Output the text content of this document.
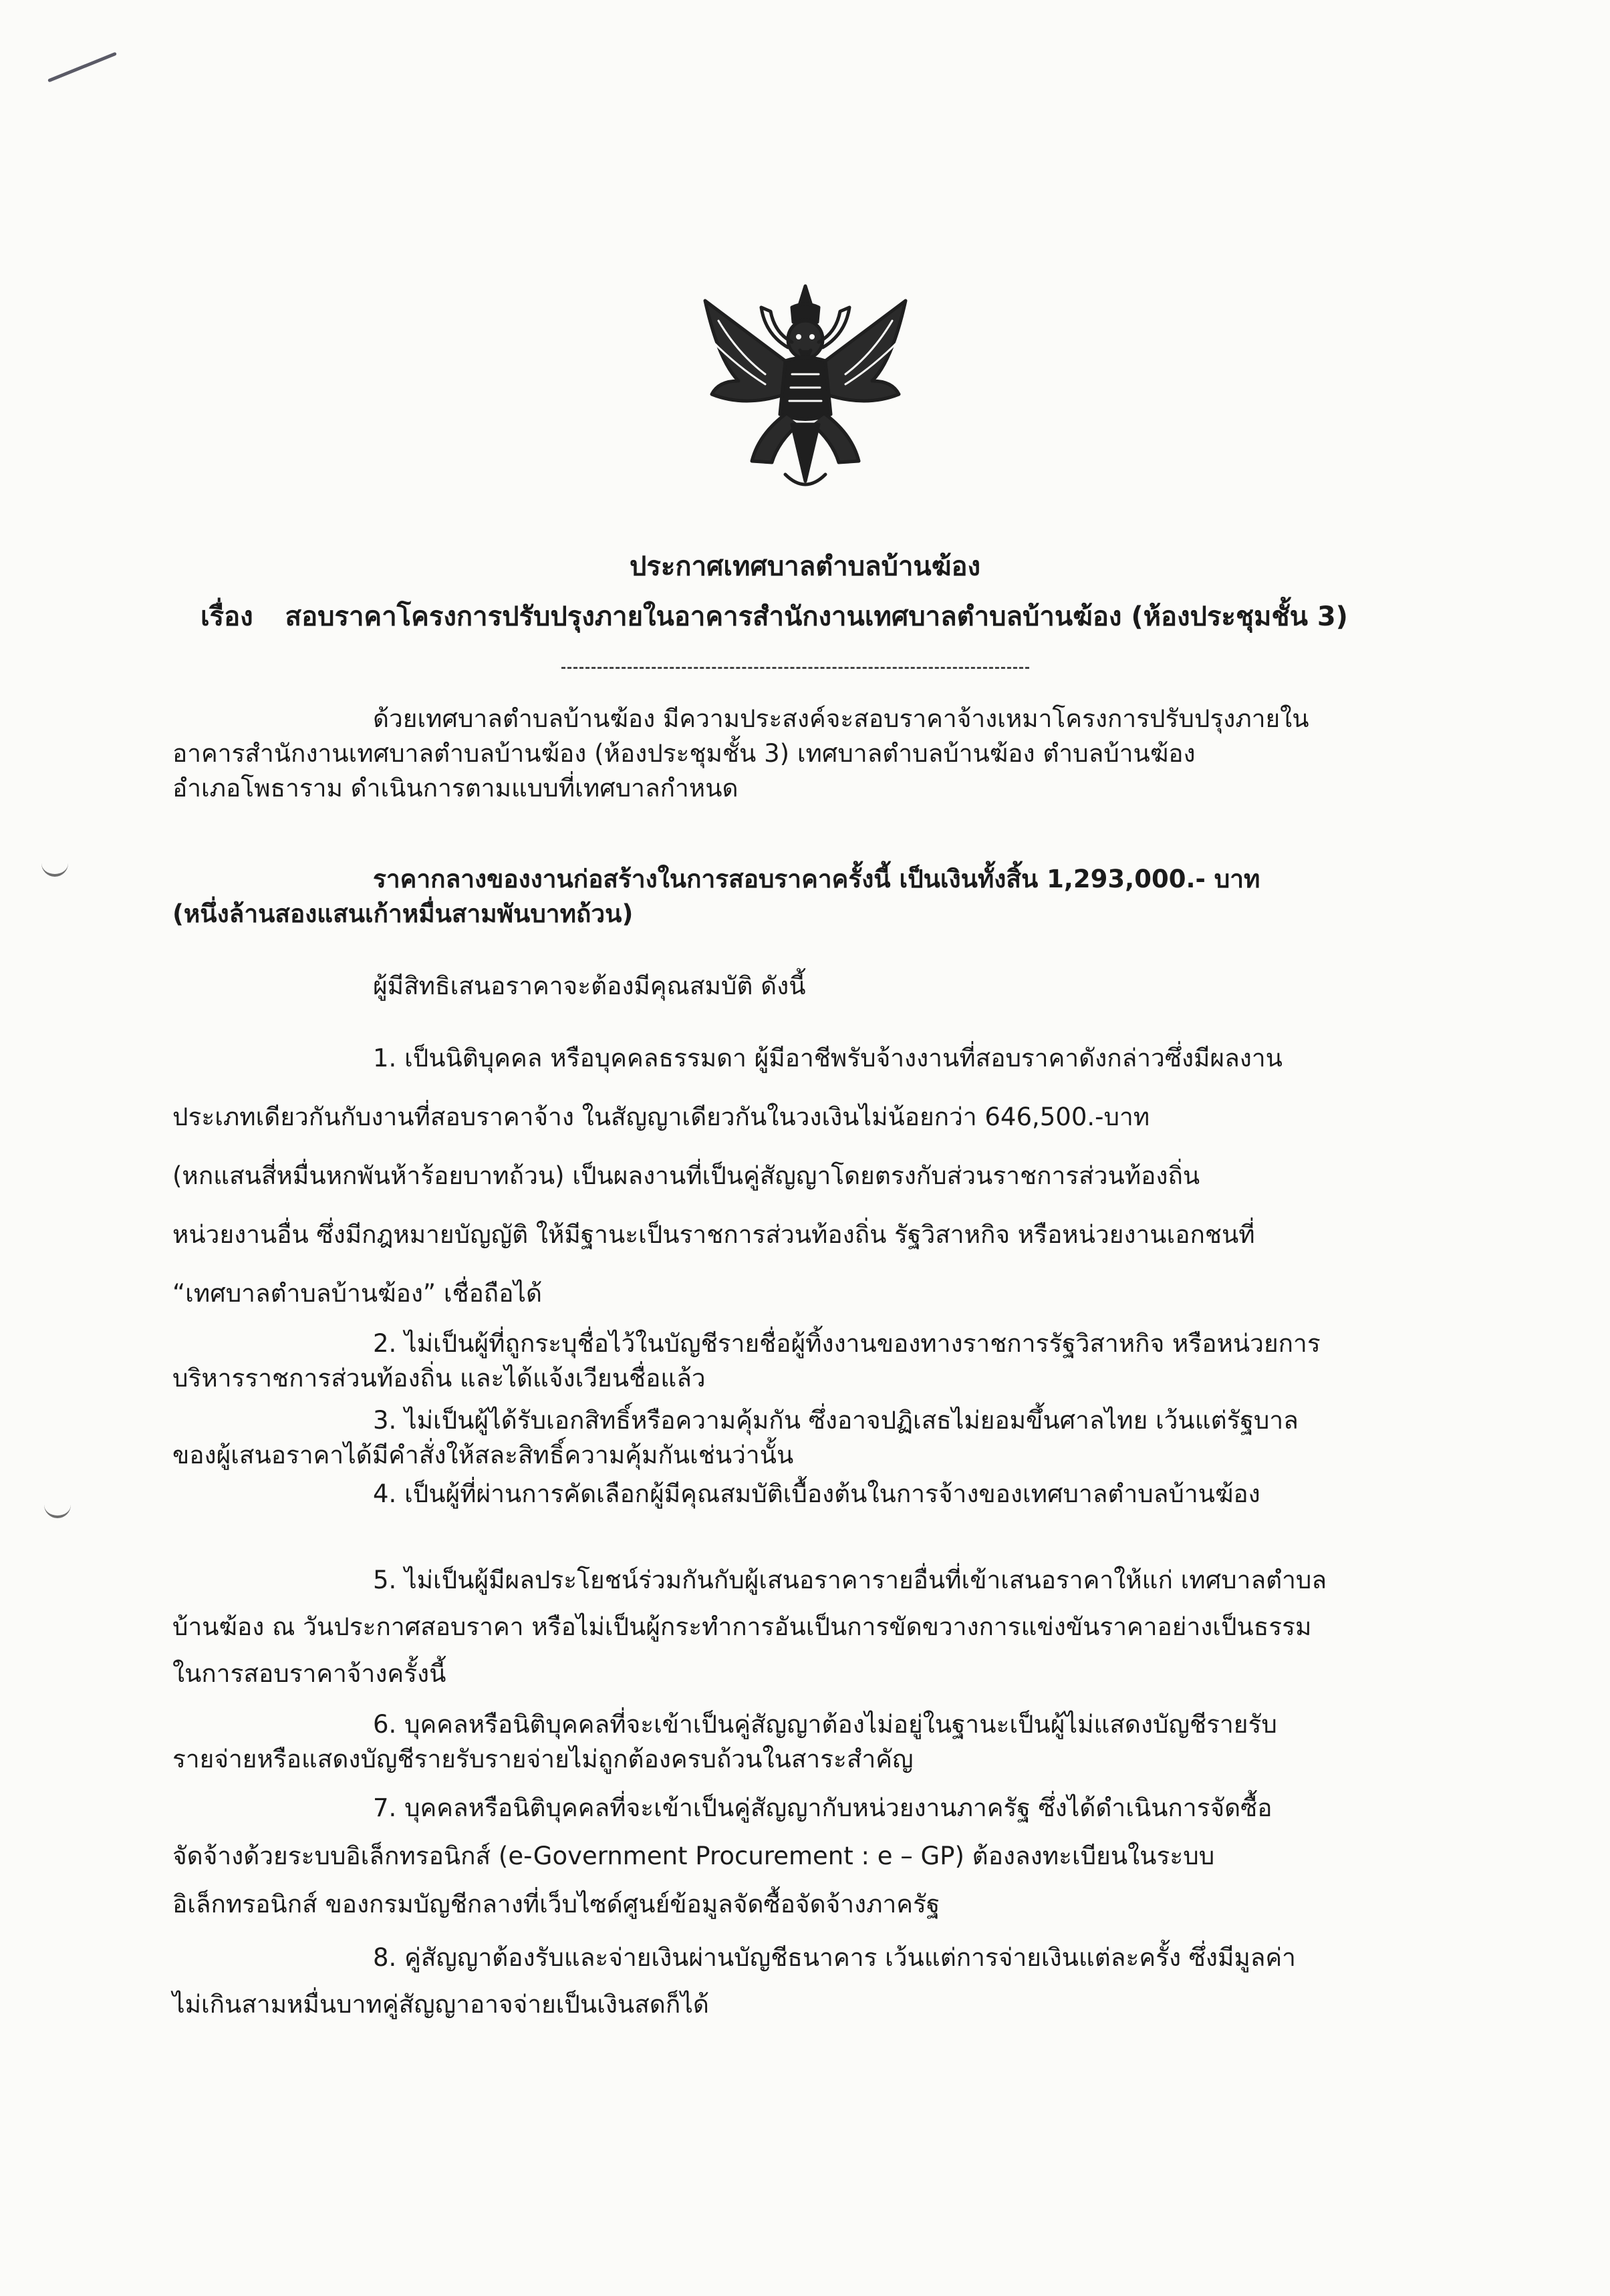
ประกาศเทศบาลตำบลบ้านฆ้อง
เรื่อง สอบราคาโครงการปรับปรุงภายในอาคารสำนักงานเทศบาลตำบลบ้านฆ้อง (ห้องประชุมชั้น 3)
ด้วยเทศบาลตำบลบ้านฆ้อง มีความประสงค์จะสอบราคาจ้างเหมาโครงการปรับปรุงภายใน
อาคารสำนักงานเทศบาลตำบลบ้านฆ้อง (ห้องประชุมชั้น 3) เทศบาลตำบลบ้านฆ้อง ตำบลบ้านฆ้อง
อำเภอโพธาราม ดำเนินการตามแบบที่เทศบาลกำหนด
ราคากลางของงานก่อสร้างในการสอบราคาครั้งนี้ เป็นเงินทั้งสิ้น 1,293,000.- บาท
(หนึ่งล้านสองแสนเก้าหมื่นสามพันบาทถ้วน)
ผู้มีสิทธิเสนอราคาจะต้องมีคุณสมบัติ ดังนี้
1. เป็นนิติบุคคล หรือบุคคลธรรมดา ผู้มีอาชีพรับจ้างงานที่สอบราคาดังกล่าวซึ่งมีผลงาน
ประเภทเดียวกันกับงานที่สอบราคาจ้าง ในสัญญาเดียวกันในวงเงินไม่น้อยกว่า 646,500.-บาท
(หกแสนสี่หมื่นหกพันห้าร้อยบาทถ้วน) เป็นผลงานที่เป็นคู่สัญญาโดยตรงกับส่วนราชการส่วนท้องถิ่น
หน่วยงานอื่น ซึ่งมีกฎหมายบัญญัติ ให้มีฐานะเป็นราชการส่วนท้องถิ่น รัฐวิสาหกิจ หรือหน่วยงานเอกชนที่
“เทศบาลตำบลบ้านฆ้อง” เชื่อถือได้
2. ไม่เป็นผู้ที่ถูกระบุชื่อไว้ในบัญชีรายชื่อผู้ทิ้งงานของทางราชการรัฐวิสาหกิจ หรือหน่วยการ
บริหารราชการส่วนท้องถิ่น และได้แจ้งเวียนชื่อแล้ว
3. ไม่เป็นผู้ได้รับเอกสิทธิ์หรือความคุ้มกัน ซึ่งอาจปฏิเสธไม่ยอมขึ้นศาลไทย เว้นแต่รัฐบาล
ของผู้เสนอราคาได้มีคำสั่งให้สละสิทธิ์ความคุ้มกันเช่นว่านั้น
4. เป็นผู้ที่ผ่านการคัดเลือกผู้มีคุณสมบัติเบื้องต้นในการจ้างของเทศบาลตำบลบ้านฆ้อง
5. ไม่เป็นผู้มีผลประโยชน์ร่วมกันกับผู้เสนอราคารายอื่นที่เข้าเสนอราคาให้แก่ เทศบาลตำบล
บ้านฆ้อง ณ วันประกาศสอบราคา หรือไม่เป็นผู้กระทำการอันเป็นการขัดขวางการแข่งขันราคาอย่างเป็นธรรม
ในการสอบราคาจ้างครั้งนี้
6. บุคคลหรือนิติบุคคลที่จะเข้าเป็นคู่สัญญาต้องไม่อยู่ในฐานะเป็นผู้ไม่แสดงบัญชีรายรับ
รายจ่ายหรือแสดงบัญชีรายรับรายจ่ายไม่ถูกต้องครบถ้วนในสาระสำคัญ
7. บุคคลหรือนิติบุคคลที่จะเข้าเป็นคู่สัญญากับหน่วยงานภาครัฐ ซึ่งได้ดำเนินการจัดซื้อ
จัดจ้างด้วยระบบอิเล็กทรอนิกส์ (e-Government Procurement : e – GP) ต้องลงทะเบียนในระบบ
อิเล็กทรอนิกส์ ของกรมบัญชีกลางที่เว็บไซด์ศูนย์ข้อมูลจัดซื้อจัดจ้างภาครัฐ
8. คู่สัญญาต้องรับและจ่ายเงินผ่านบัญชีธนาคาร เว้นแต่การจ่ายเงินแต่ละครั้ง ซึ่งมีมูลค่า
ไม่เกินสามหมื่นบาทคู่สัญญาอาจจ่ายเป็นเงินสดก็ได้
